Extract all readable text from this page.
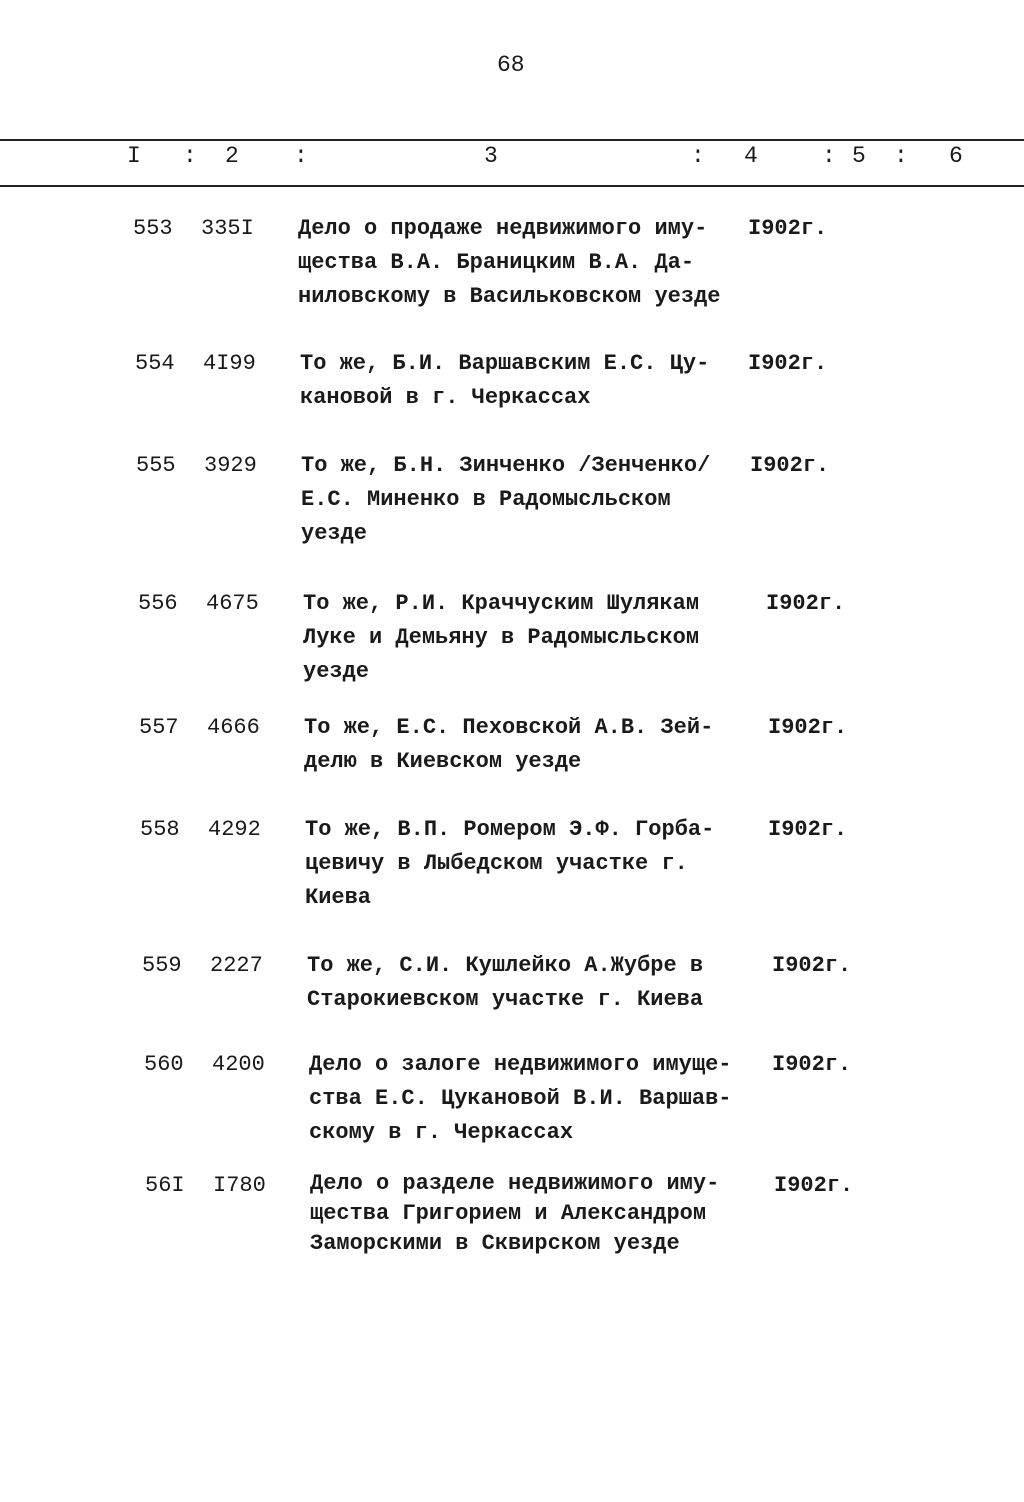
68
I : 2 :	3	: 4	: 5 : 6
553 335I Дело о продаже недвижимого иму-
щества В.А. Браницким В.А. Да-
ниловскому в Васильковском уезде
I902г.
554 4I99 То же, Б.И. Варшавским Е.С. Цу-
кановой в г. Черкассах
I902г.
555 3929 То же, Б.Н. Зинченко /Зенченко/
Е.С. Миненко в Радомысльском
уезде
I902г.
556 4675 То же, Р.И. Краччуским Шулякам
Луке и Демьяну в Радомысльском
уезде
I902г.
557 4666 То же, Е.С. Пеховской А.В. Зей-
делю в Киевском уезде
I902г.
558 4292 То же, В.П. Ромером Э.Ф. Горба-
цевичу в Лыбедском участке г.
Киева
I902г.
559 2227 То же, С.И. Кушлейко А.Жубре в
Старокиевском участке г. Киева
I902г.
560 4200 Дело о залоге недвижимого имуще-
ства Е.С. Цукановой В.И. Варшав-
скому в г. Черкассах
I902г.
56I I780 Дело о разделе недвижимого иму-
щества Григорием и Александром
Заморскими в Сквирском уезде
I902г.
